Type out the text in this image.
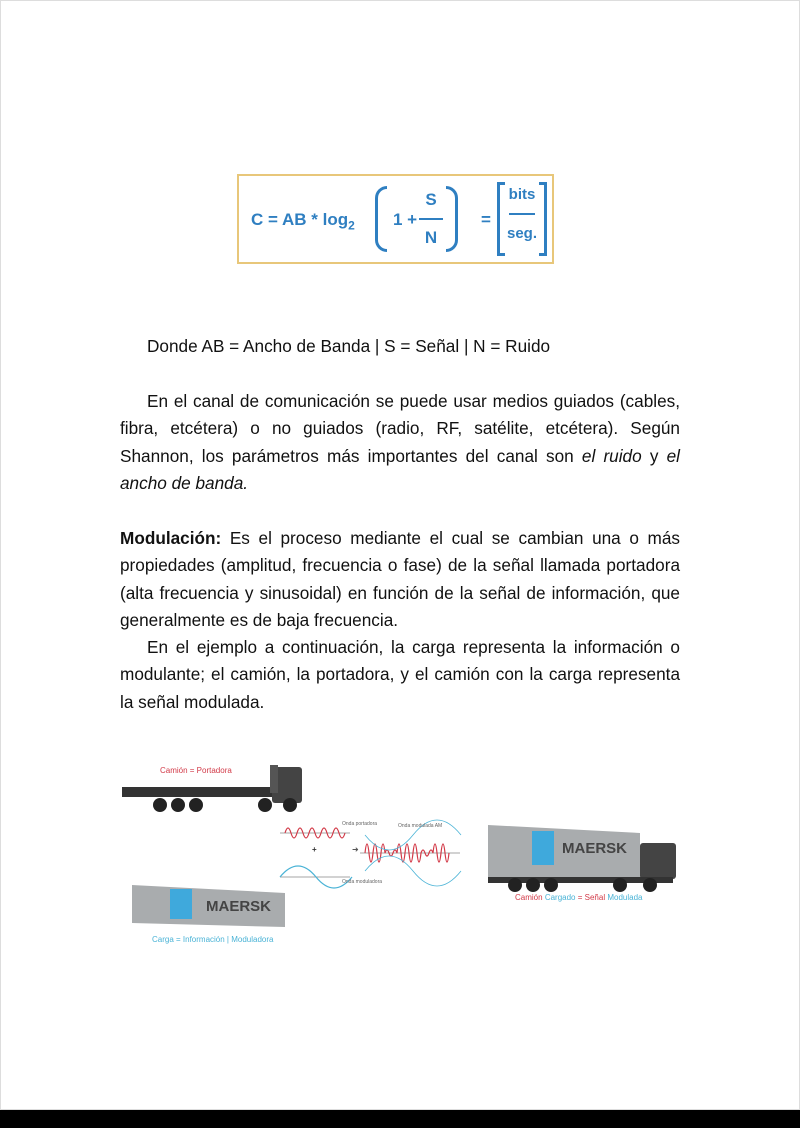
C = AB * $\log_2 1$ +
S
N
=
bits
seg.

Donde AB = Ancho de Banda | S = Señal | N = Ruido

En el canal de comunicación se puede usar medios guiados (cables, fibra, etcétera) o no guiados (radio, RF, satélite, etcétera). Según Shannon, los parámetros más importantes del canal son el ruido y el ancho de banda.

Modulación: Es el proceso mediante el cual se cambian una o más propiedades (amplitud, frecuencia o fase) de la señal llamada portadora (alta frecuencia y sinusoidal) en función de la señal de información, que generalmente es de baja frecuencia.

En el ejemplo a continuación, la carga representa la información o modulante; el camión, la portadora, y el camión con la carga representa la señal modulada.

MAERSK
MAERSK
Camión = Portadora
Carga = Información | Moduladora
Camión Cargado = Señal Modulada
Onda portadora
Onda moduladora
Onda modulada AM
+	➜
